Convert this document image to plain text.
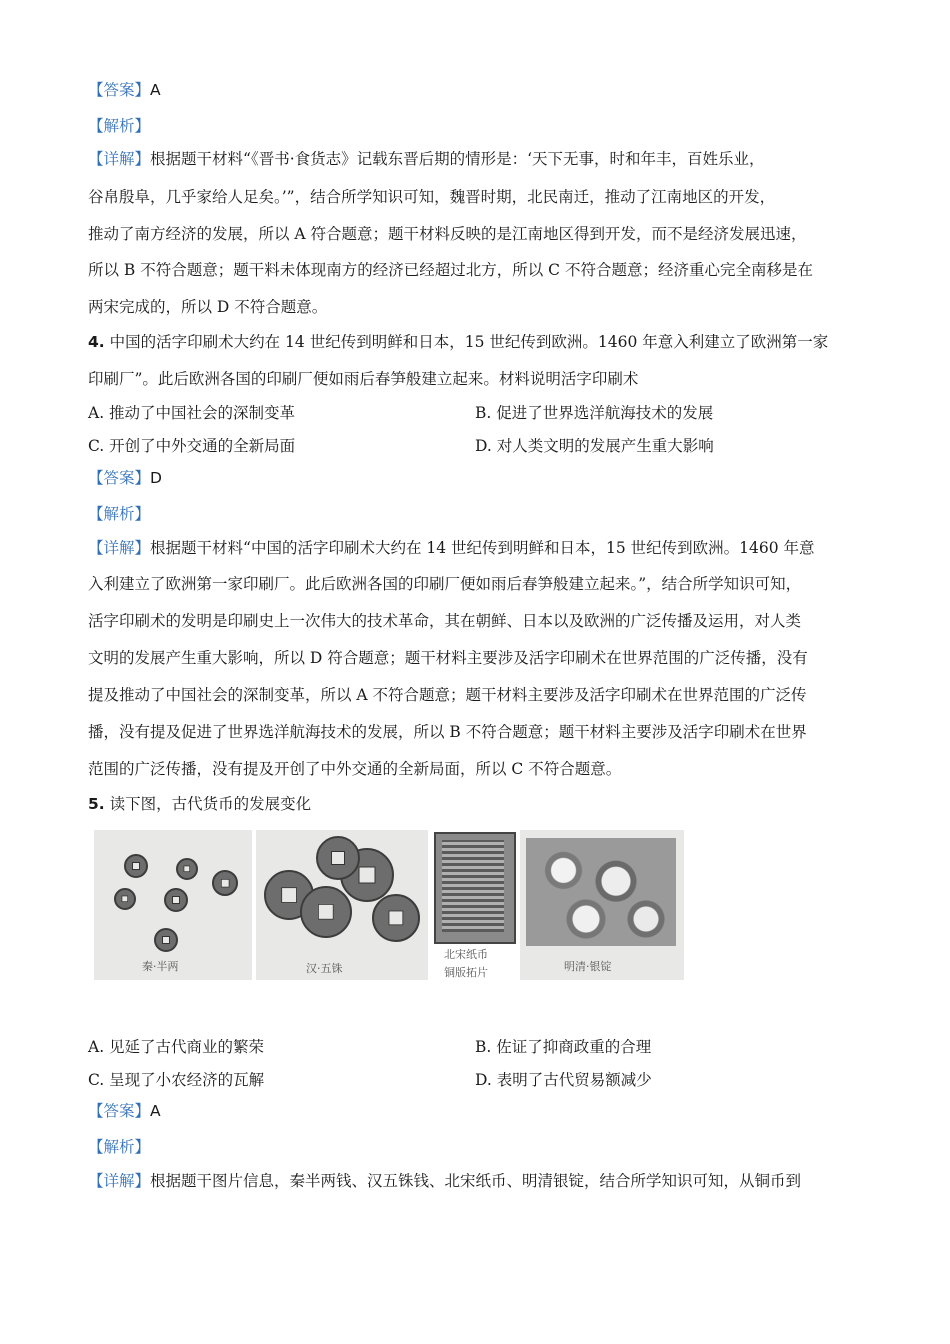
【答案】A
【解析】
【详解】根据题干材料“《晋书·食货志》记载东晋后期的情形是：‘天下无事，时和年丰，百姓乐业，
谷帛殷阜，几乎家给人足矣。’”，结合所学知识可知，魏晋时期，北民南迁，推动了江南地区的开发，
推动了南方经济的发展，所以 A 符合题意；题干材料反映的是江南地区得到开发，而不是经济发展迅速，
所以 B 不符合题意；题干料未体现南方的经济已经超过北方，所以 C 不符合题意；经济重心完全南移是在
两宋完成的，所以 D 不符合题意。
4. 中国的活字印刷术大约在 14 世纪传到明鲜和日本，15 世纪传到欧洲。1460 年意入利建立了欧洲第一家
印刷厂”。此后欧洲各国的印刷厂便如雨后春笋般建立起来。材料说明活字印刷术
A. 推动了中国社会的深制变革	B. 促进了世界选洋航海技术的发展
C. 开创了中外交通的全新局面	D. 对人类文明的发展产生重大影响
【答案】D
【解析】
【详解】根据题干材料“中国的活字印刷术大约在 14 世纪传到明鲜和日本，15 世纪传到欧洲。1460 年意
入利建立了欧洲第一家印刷厂。此后欧洲各国的印刷厂便如雨后春笋般建立起来。”，结合所学知识可知，
活字印刷术的发明是印刷史上一次伟大的技术革命，其在朝鲜、日本以及欧洲的广泛传播及运用，对人类
文明的发展产生重大影响，所以 D 符合题意；题干材料主要涉及活字印刷术在世界范围的广泛传播，没有
提及推动了中国社会的深制变革，所以 A 不符合题意；题干材料主要涉及活字印刷术在世界范围的广泛传
播，没有提及促进了世界选洋航海技术的发展，所以 B 不符合题意；题干材料主要涉及活字印刷术在世界
范围的广泛传播，没有提及开创了中外交通的全新局面，所以 C 不符合题意。
5. 读下图，古代货币的发展变化
秦·半两	汉·五铢
北宋纸币
铜版拓片	明清·银锭
A. 见延了古代商业的繁荣	B. 佐证了抑商政重的合理
C. 呈现了小农经济的瓦解	D. 表明了古代贸易额减少
【答案】A
【解析】
【详解】根据题干图片信息，秦半两钱、汉五铢钱、北宋纸币、明清银锭，结合所学知识可知，从铜币到
